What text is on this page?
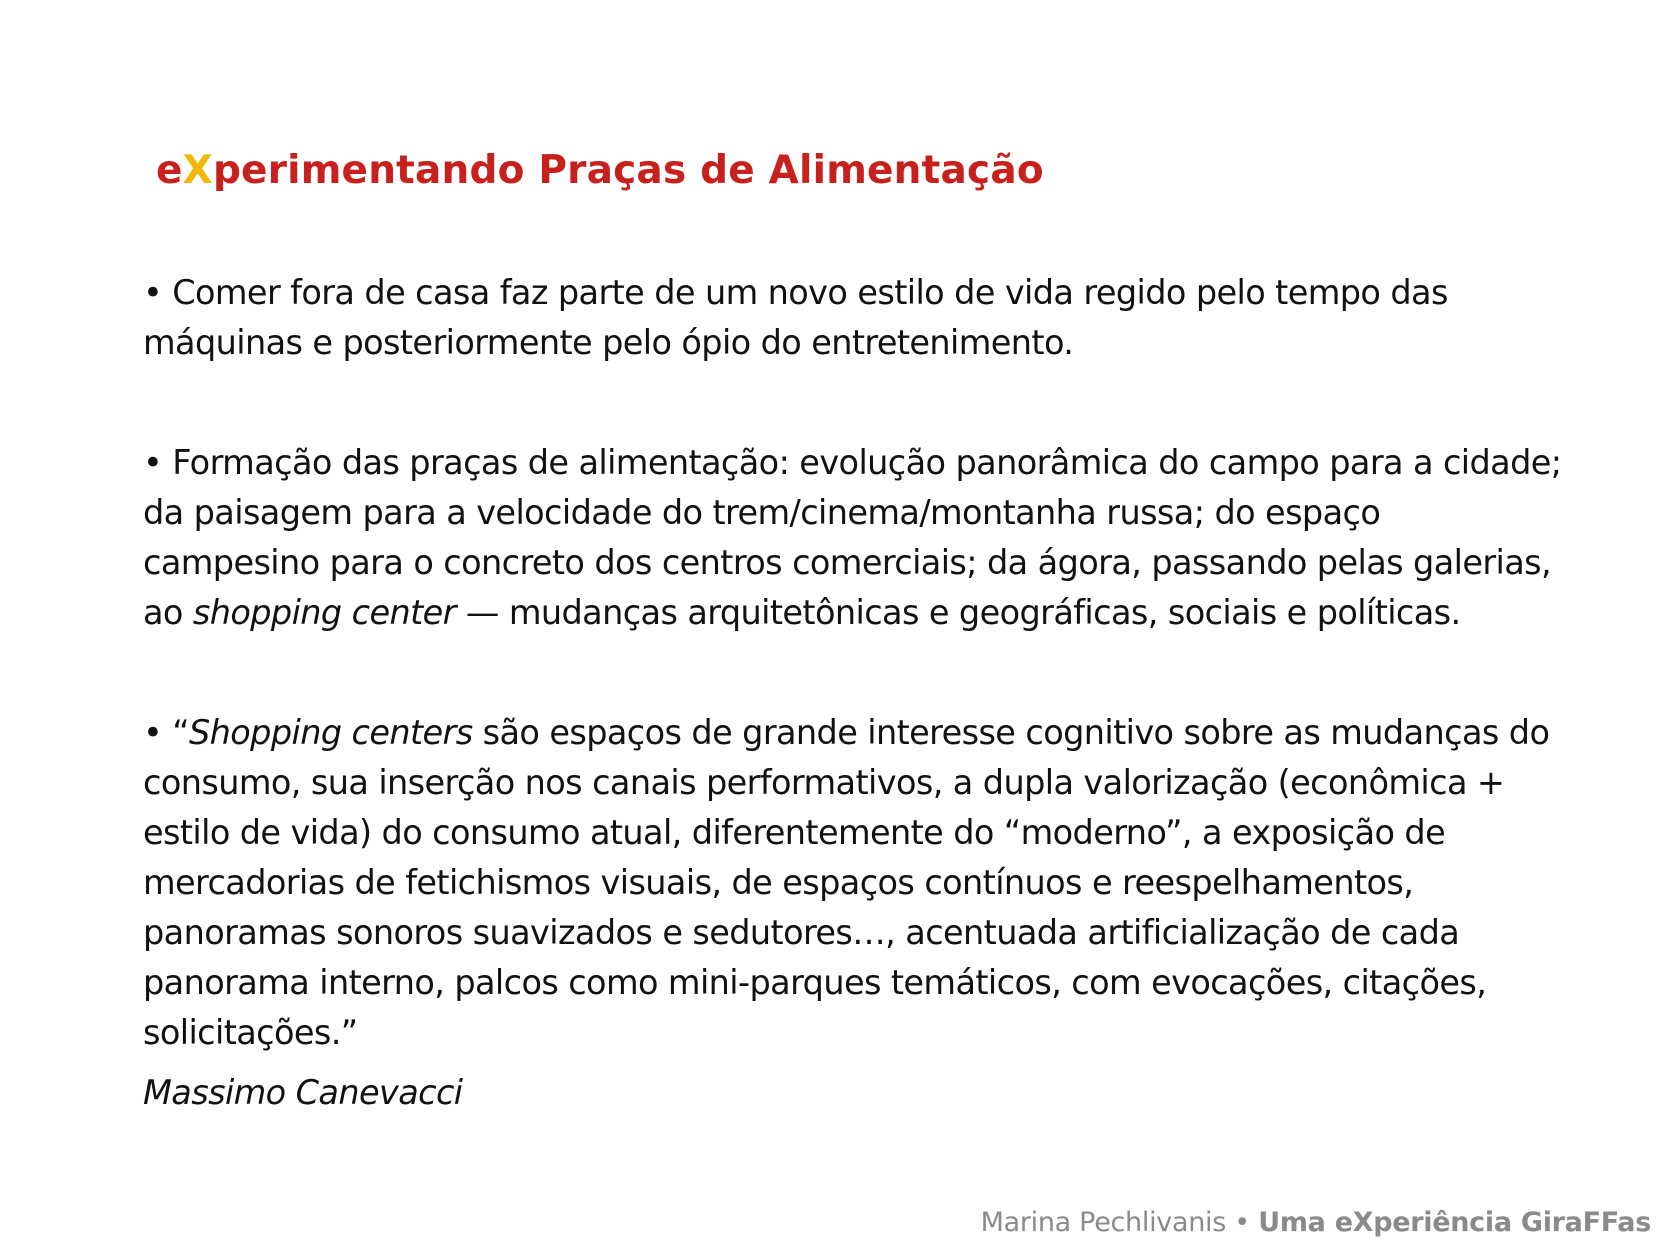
eXperimentando Praças de Alimentação

• Comer fora de casa faz parte de um novo estilo de vida regido pelo tempo das máquinas e posteriormente pelo ópio do entretenimento.

• Formação das praças de alimentação: evolução panorâmica do campo para a cidade; da paisagem para a velocidade do trem/cinema/montanha russa; do espaço campesino para o concreto dos centros comerciais; da ágora, passando pelas galerias, ao shopping center — mudanças arquitetônicas e geográficas, sociais e políticas.

• “Shopping centers são espaços de grande interesse cognitivo sobre as mudanças do consumo, sua inserção nos canais performativos, a dupla valorização (econômica + estilo de vida) do consumo atual, diferentemente do “moderno”, a exposição de mercadorias de fetichismos visuais, de espaços contínuos e reespelhamentos, panoramas sonoros suavizados e sedutores…, acentuada artificialização de cada panorama interno, palcos como mini-parques temáticos, com evocações, citações, solicitações.”

Massimo Canevacci

Marina Pechlivanis • Uma eXperiência GiraFFas
